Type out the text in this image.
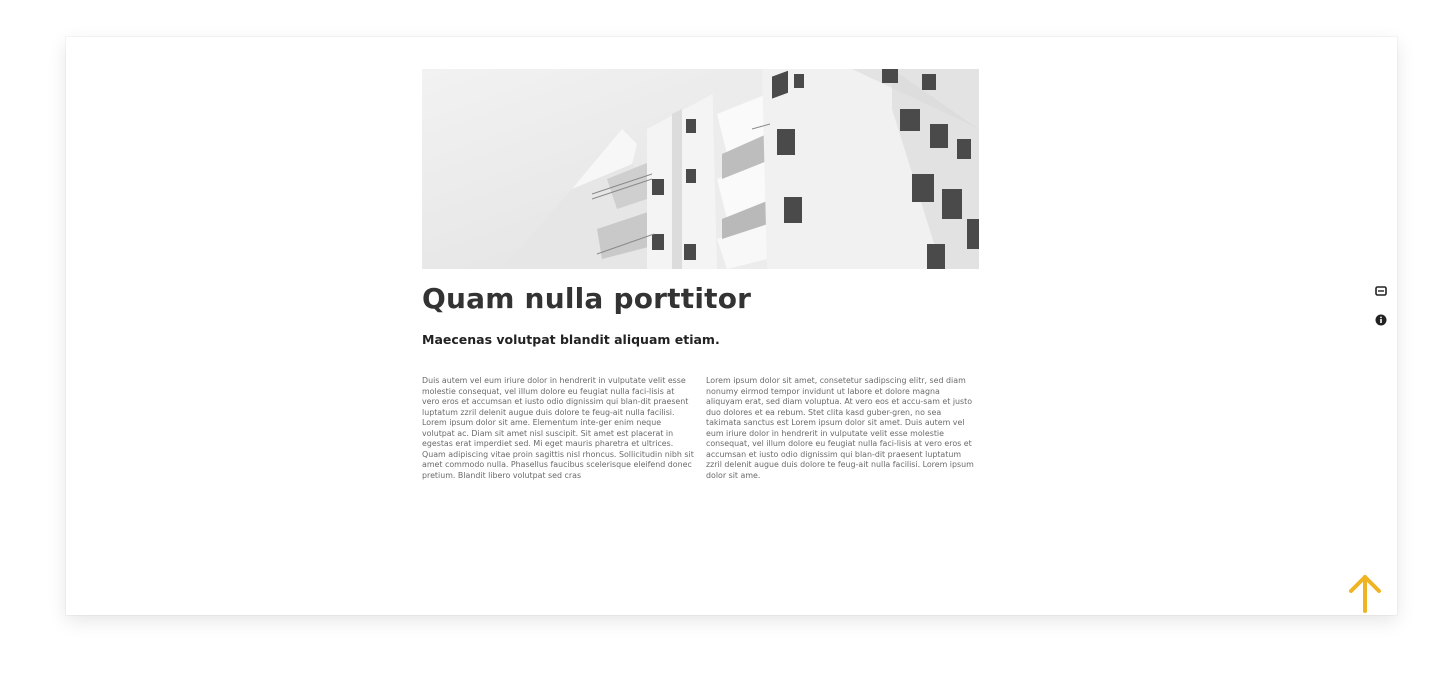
Quam nulla porttitor

Maecenas volutpat blandit aliquam etiam.

Duis autem vel eum iriure dolor in hendrerit in vulputate velit esse molestie consequat, vel illum dolore eu feugiat nulla faci-lisis at vero eros et accumsan et iusto odio dignissim qui blan-dit praesent luptatum zzril delenit augue duis dolore te feug-ait nulla facilisi. Lorem ipsum dolor sit ame. Elementum inte-ger enim neque volutpat ac. Diam sit amet nisl suscipit. Sit amet est placerat in egestas erat imperdiet sed. Mi eget mauris pharetra et ultrices. Quam adipiscing vitae proin sagittis nisl rhoncus. Sollicitudin nibh sit amet commodo nulla. Phasellus faucibus scelerisque eleifend donec pretium. Blandit libero volutpat sed cras

Lorem ipsum dolor sit amet, consetetur sadipscing elitr, sed diam nonumy eirmod tempor invidunt ut labore et dolore magna aliquyam erat, sed diam voluptua. At vero eos et accu-sam et justo duo dolores et ea rebum. Stet clita kasd guber-gren, no sea takimata sanctus est Lorem ipsum dolor sit amet. Duis autem vel eum iriure dolor in hendrerit in vulputate velit esse molestie consequat, vel illum dolore eu feugiat nulla faci-lisis at vero eros et accumsan et iusto odio dignissim qui blan-dit praesent luptatum zzril delenit augue duis dolore te feug-ait nulla facilisi. Lorem ipsum dolor sit ame.
